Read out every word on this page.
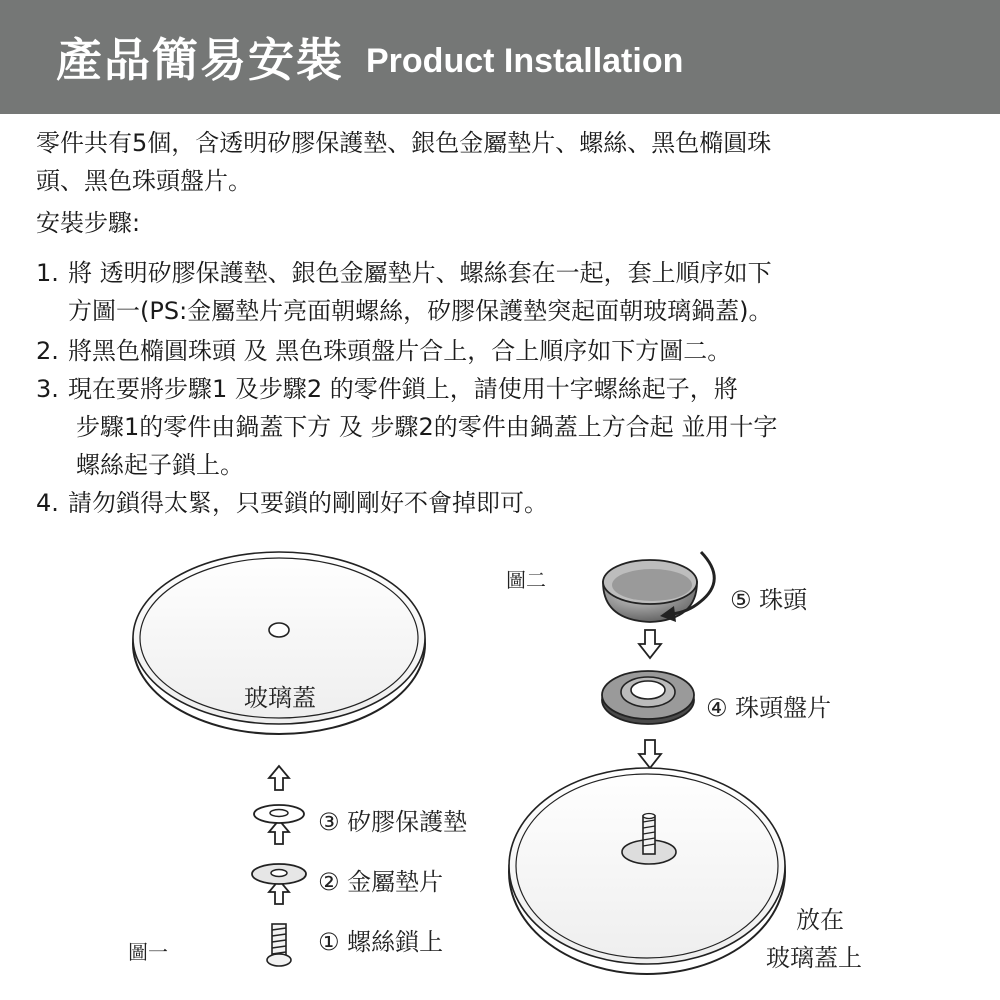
產品簡易安裝 Product Installation
零件共有5個，含透明矽膠保護墊、銀色金屬墊片、螺絲、黑色橢圓珠
頭、黑色珠頭盤片。
安裝步驟:
1. 將 透明矽膠保護墊、銀色金屬墊片、螺絲套在一起，套上順序如下
方圖一(PS:金屬墊片亮面朝螺絲，矽膠保護墊突起面朝玻璃鍋蓋)。
2. 將黑色橢圓珠頭 及 黑色珠頭盤片合上，合上順序如下方圖二。
3. 現在要將步驟1 及步驟2 的零件鎖上，請使用十字螺絲起子，將
步驟1的零件由鍋蓋下方 及 步驟2的零件由鍋蓋上方合起 並用十字
螺絲起子鎖上。
4. 請勿鎖得太緊，只要鎖的剛剛好不會掉即可。
玻璃蓋
③ 矽膠保護墊
② 金屬墊片
① 螺絲鎖上
圖一
圖二
⑤ 珠頭
④ 珠頭盤片
放在
玻璃蓋上
